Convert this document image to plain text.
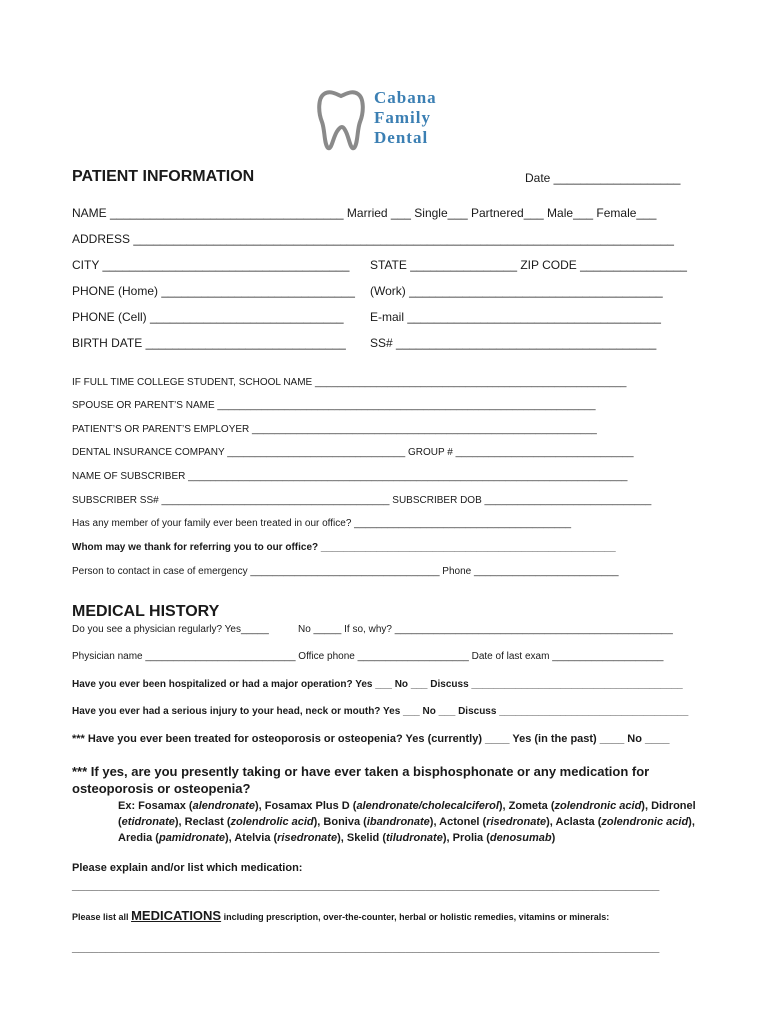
Cabana
Family
Dental
PATIENT INFORMATION	Date ___________________
NAME ___________________________________ Married ___ Single___ Partnered___ Male___ Female___
ADDRESS _________________________________________________________________________________
CITY _____________________________________ STATE ________________ ZIP CODE ________________
PHONE (Home) _____________________________ (Work) ______________________________________
PHONE (Cell) _____________________________ E-mail ______________________________________
BIRTH DATE ______________________________ SS# _______________________________________
IF FULL TIME COLLEGE STUDENT, SCHOOL NAME ________________________________________________________
SPOUSE OR PARENT’S NAME ____________________________________________________________________
PATIENT’S OR PARENT’S EMPLOYER ______________________________________________________________
DENTAL INSURANCE COMPANY ________________________________ GROUP # ________________________________
NAME OF SUBSCRIBER _______________________________________________________________________________
SUBSCRIBER SS# _________________________________________ SUBSCRIBER DOB ______________________________
Has any member of your family ever been treated in our office? _______________________________________
Whom may we thank for referring you to our office? _____________________________________________________
Person to contact in case of emergency __________________________________ Phone __________________________
MEDICAL HISTORY
Do you see a physician regularly? Yes_____	No _____ If so, why? __________________________________________________
Physician name ___________________________ Office phone ____________________ Date of last exam ____________________
Have you ever been hospitalized or had a major operation? Yes ___ No ___ Discuss ______________________________________
Have you ever had a serious injury to your head, neck or mouth? Yes ___ No ___ Discuss __________________________________
*** Have you ever been treated for osteoporosis or osteopenia? Yes (currently) ____ Yes (in the past) ____ No ____
*** If yes, are you presently taking or have ever taken a bisphosphonate or any medication for
osteoporosis or osteopenia?
Ex: Fosamax (alendronate), Fosamax Plus D (alendronate/cholecalciferol), Zometa (zolendronic acid), Didronel
(etidronate), Reclast (zolendrolic acid), Boniva (ibandronate), Actonel (risedronate), Aclasta (zolendronic acid),
Aredia (pamidronate), Atelvia (risedronate), Skelid (tiludronate), Prolia (denosumab)
Please explain and/or list which medication:
________________________________________________________________________________________
Please list all MEDICATIONS including prescription, over-the-counter, herbal or holistic remedies, vitamins or minerals:
________________________________________________________________________________________
